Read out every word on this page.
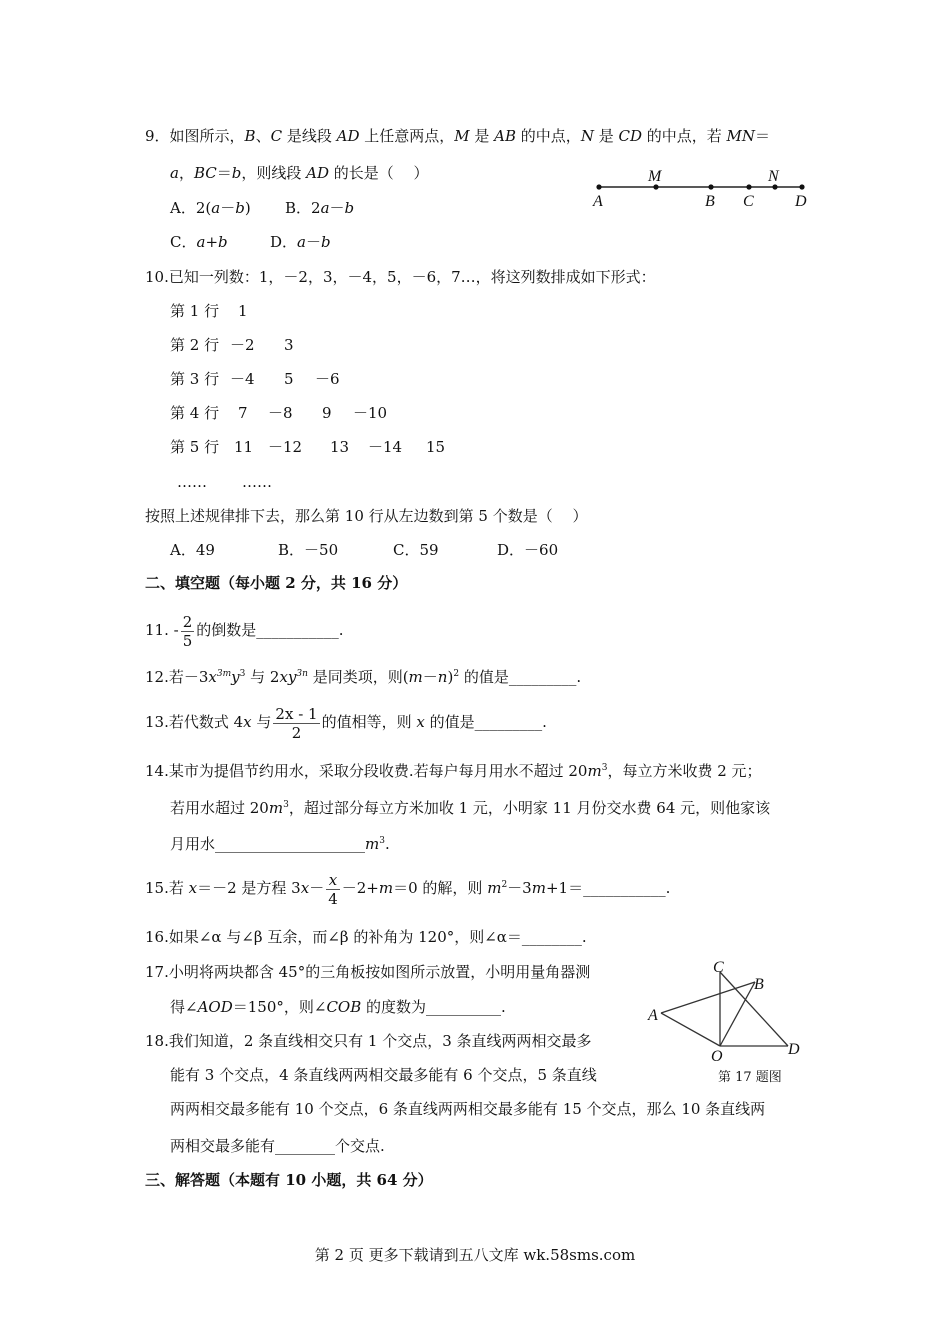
9．如图所示，B、C 是线段 AD 上任意两点，M 是 AB 的中点，N 是 CD 的中点，若 MN＝
a，BC＝b，则线段 AD 的长是（　 ）
A．2(a－b) B．2a－b
C．a+b	D．a－b
A
M
B C
N
D
10.已知一列数：1，－2，3，－4，5，－6，7…，将这列数排成如下形式：
第 1 行 1
第 2 行 －2 3
第 3 行 －4 5 －6
第 4 行 7 －8 9 －10
第 5 行 11 －12 13 －14 15
…… ……
按照上述规律排下去，那么第 10 行从左边数到第 5 个数是（　 ）
A．49	B．－50	C．59	D．－60
二、填空题（每小题 2 分，共 16 分）
11. - $\frac{2}{5}$ 的倒数是___________.
12.若$-3x^{3m}y^3$ 与 $2xy^{3n}$ 是同类项，则$(m-n)^2$ 的值是_________.
13.若代数式 4x 与 $\frac{2x - 1}{2}$ 的值相等，则 x 的值是_________.
14.某市为提倡节约用水，采取分段收费.若每户每月用水不超过 $20m^3$，每立方米收费 2 元；
若用水超过 $20m^3$，超过部分每立方米加收 1 元，小明家 11 月份交水费 64 元，则他家该
月用水$\_\_\_\_\_\_\_\_\_\_\_\_\_\_\_\_\_\_\_\_m^3$.
15.若 x＝－2 是方程 $3x- \frac{x}{4} -2+m=0$ 的解，则 $m^2-3m+1=\_\_\_\_\_\_\_\_\_\_\_$.
16.如果∠α 与∠β 互余，而∠β 的补角为 120°，则∠α＝________.
17.小明将两块都含 45°的三角板按如图所示放置，小明用量角器测
得∠AOD＝150°，则∠COB 的度数为__________.
C
B
A
O	D
第 17 题图
18.我们知道，2 条直线相交只有 1 个交点，3 条直线两两相交最多
能有 3 个交点，4 条直线两两相交最多能有 6 个交点，5 条直线
两两相交最多能有 10 个交点，6 条直线两两相交最多能有 15 个交点，那么 10 条直线两
两相交最多能有________个交点.
三、解答题（本题有 10 小题，共 64 分）
第 2 页 更多下载请到五八文库 wk.58sms.com
